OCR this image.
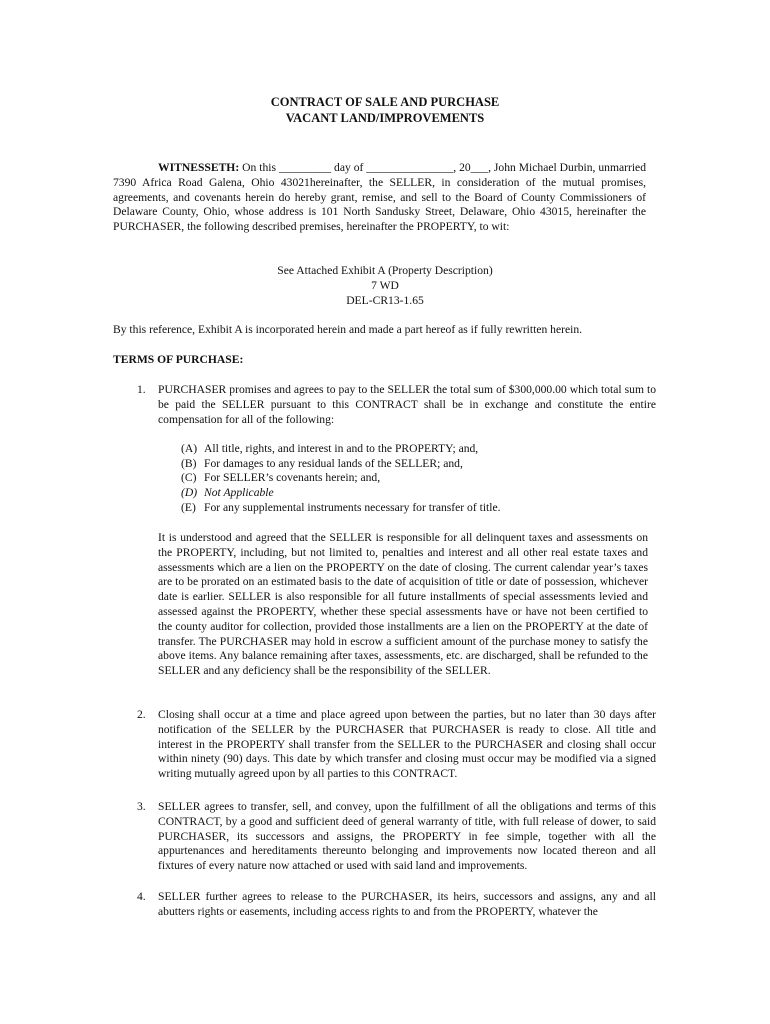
CONTRACT OF SALE AND PURCHASE
VACANT LAND/IMPROVEMENTS
WITNESSETH: On this _________ day of _______________, 20___, John Michael Durbin, unmarried 7390 Africa Road Galena, Ohio 43021hereinafter, the SELLER, in consideration of the mutual promises, agreements, and covenants herein do hereby grant, remise, and sell to the Board of County Commissioners of Delaware County, Ohio, whose address is 101 North Sandusky Street, Delaware, Ohio 43015, hereinafter the PURCHASER, the following described premises, hereinafter the PROPERTY, to wit:
See Attached Exhibit A (Property Description)
7 WD
DEL-CR13-1.65
By this reference, Exhibit A is incorporated herein and made a part hereof as if fully rewritten herein.
TERMS OF PURCHASE:
1. PURCHASER promises and agrees to pay to the SELLER the total sum of $300,000.00 which total sum to be paid the SELLER pursuant to this CONTRACT shall be in exchange and constitute the entire compensation for all of the following:
(A) All title, rights, and interest in and to the PROPERTY; and,
(B) For damages to any residual lands of the SELLER; and,
(C) For SELLER’s covenants herein; and,
(D) Not Applicable
(E) For any supplemental instruments necessary for transfer of title.
It is understood and agreed that the SELLER is responsible for all delinquent taxes and assessments on the PROPERTY, including, but not limited to, penalties and interest and all other real estate taxes and assessments which are a lien on the PROPERTY on the date of closing. The current calendar year’s taxes are to be prorated on an estimated basis to the date of acquisition of title or date of possession, whichever date is earlier. SELLER is also responsible for all future installments of special assessments levied and assessed against the PROPERTY, whether these special assessments have or have not been certified to the county auditor for collection, provided those installments are a lien on the PROPERTY at the date of transfer. The PURCHASER may hold in escrow a sufficient amount of the purchase money to satisfy the above items. Any balance remaining after taxes, assessments, etc. are discharged, shall be refunded to the SELLER and any deficiency shall be the responsibility of the SELLER.
2. Closing shall occur at a time and place agreed upon between the parties, but no later than 30 days after notification of the SELLER by the PURCHASER that PURCHASER is ready to close. All title and interest in the PROPERTY shall transfer from the SELLER to the PURCHASER and closing shall occur within ninety (90) days. This date by which transfer and closing must occur may be modified via a signed writing mutually agreed upon by all parties to this CONTRACT.
3. SELLER agrees to transfer, sell, and convey, upon the fulfillment of all the obligations and terms of this CONTRACT, by a good and sufficient deed of general warranty of title, with full release of dower, to said PURCHASER, its successors and assigns, the PROPERTY in fee simple, together with all the appurtenances and hereditaments thereunto belonging and improvements now located thereon and all fixtures of every nature now attached or used with said land and improvements.
4. SELLER further agrees to release to the PURCHASER, its heirs, successors and assigns, any and all abutters rights or easements, including access rights to and from the PROPERTY, whatever the
